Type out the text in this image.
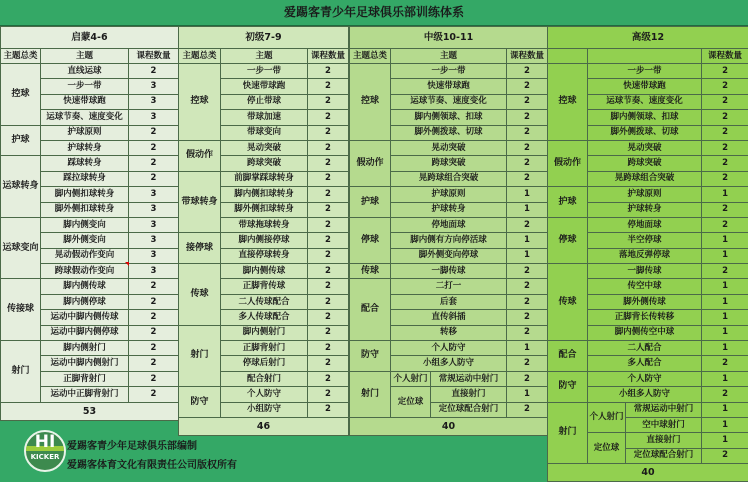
爱踢客青少年足球俱乐部训练体系
启蒙4-6		
主题总类	主题	课程数量
控球	直线运球	2
	一步一带	3
	快速带球跑	3
	运球节奏、速度变化	3
护球	护球原则	2
	护球转身	2
运球转身	踩球转身	2
	踩拉球转身	2
	脚内侧扣球转身	3
	脚外侧扣球转身	3
运球变向	脚内侧变向	3
	脚外侧变向	3
	晃动假动作变向	3
	跨球假动作变向	3
传接球	脚内侧传球	2
	脚内侧停球	2
	运动中脚内侧传球	2
	运动中脚内侧停球	2
射门	脚内侧射门	2
	运动中脚内侧射门	2
	正脚背射门	2
	运动中正脚背射门	2
53		
初级7-9		
主题总类	主题	课程数量
控球	一步一带	2
	快速带球跑	2
	停止带球	2
	带球加速	2
	带球变向	2
假动作	晃动突破	2
	跨球突破	2
带球转身	前脚掌踩球转身	2
	脚内侧扣球转身	2
	脚外侧扣球转身	2
	带球拖球转身	2
接停球	脚内侧接停球	2
	直接停球转身	2
传球	脚内侧传球	2
	正脚背传球	2
	二人传球配合	2
	多人传球配合	2
射门	脚内侧射门	2
	正脚背射门	2
	停球后射门	2
	配合射门	2
防守	个人防守	2
	小组防守	2
46		
中级10-11			
主题总类	主题		课程数量
控球	一步一带		2
	快速带球跑		2
	运球节奏、速度变化		2
	脚内侧领球、扣球		2
	脚外侧拨球、切球		2
假动作	晃动突破		2
	跨球突破		2
	晃跨球组合突破		2
护球	护球原则		1
	护球转身		1
停球	停地面球		2
	脚内侧有方向停活球		1
	脚外侧变向停球		1
传球	一脚传球		2
配合	二打一		2
	后套		2
	直传斜插		2
	转移		2
防守	个人防守		1
	小组多人防守		2
射门	个人射门	常规运动中射门	2
	定位球	直接射门	1
		定位球配合射门	2
40			
高级12			
			课程数量
控球	一步一带		2
	快速带球跑		2
	运球节奏、速度变化		2
	脚内侧领球、扣球		2
	脚外侧拨球、切球		2
假动作	晃动突破		2
	跨球突破		2
	晃跨球组合突破		2
护球	护球原则		1
	护球转身		2
停球	停地面球		2
	半空停球		1
	落地反弹停球		1
传球	一脚传球		2
	传空中球		1
	脚外侧传球		1
	正脚背长传转移		1
	脚内侧传空中球		1
配合	二人配合		1
	多人配合		2
防守	个人防守		1
	小组多人防守		2
射门	个人射门	常规运动中射门	1
		空中球射门	1
	定位球	直接射门	1
		定位球配合射门	2
40			
HI
KICKER
爱踢客青少年足球俱乐部编制
爱踢客体育文化有限责任公司版权所有
